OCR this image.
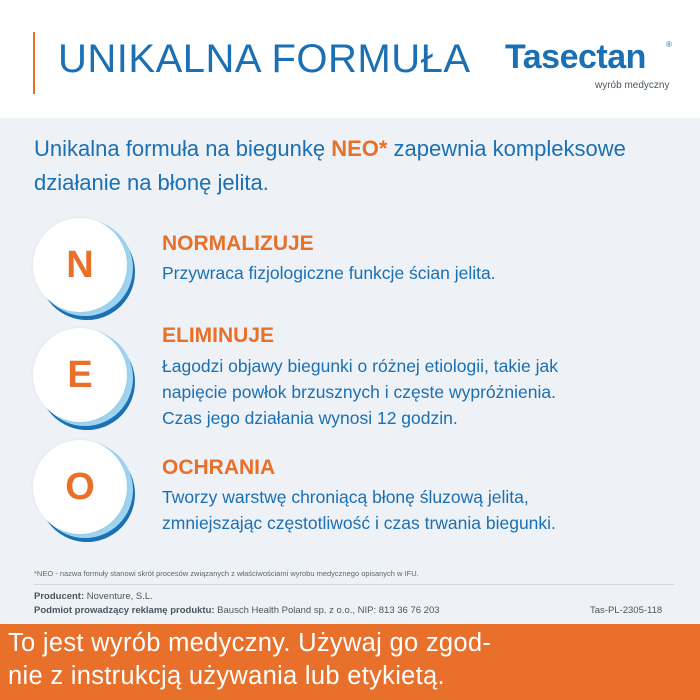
UNIKALNA FORMUŁA Tasectan	®
wyrób medyczny

Unikalna formuła na biegunkę NEO* zapewnia kompleksowe działanie na błonę jelita.

N	NORMALIZUJE
Przywraca fizjologiczne funkcje ścian jelita.
E
ELIMINUJE
Łagodzi objawy biegunki o różnej etiologii, takie jak
napięcie powłok brzusznych i częste wypróżnienia.
Czas jego działania wynosi 12 godzin.
O	OCHRANIA
Tworzy warstwę chroniącą błonę śluzową jelita,
zmniejszając częstotliwość i czas trwania biegunki.
*NEO - nazwa formuły stanowi skrót procesów związanych z właściwościami wyrobu medycznego opisanych w IFU.
Producent: Noventure, S.L.
Podmiot prowadzący reklamę produktu: Bausch Health Poland sp. z o.o., NIP: 813 36 76 203	Tas-PL-2305-118
To jest wyrób medyczny. Używaj go zgod-
nie z instrukcją używania lub etykietą.
